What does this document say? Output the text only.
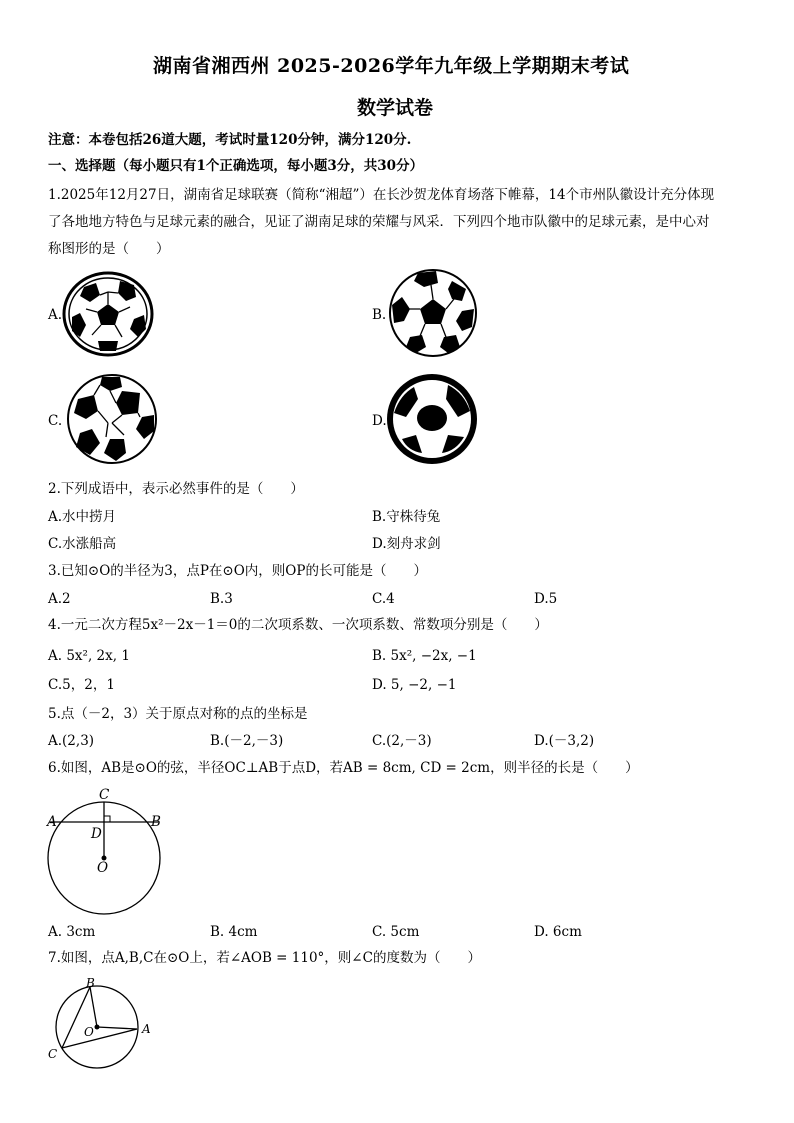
湖南省湘西州 2025-2026学年九年级上学期期末考试
数学试卷
注意：本卷包括26道大题，考试时量120分钟，满分120分.
一、选择题（每小题只有1个正确选项，每小题3分，共30分）
1.2025年12月27日，湖南省足球联赛（简称“湘超”）在长沙贺龙体育场落下帷幕，14个市州队徽设计充分体现
了各地地方特色与足球元素的融合，见证了湖南足球的荣耀与风采．下列四个地市队徽中的足球元素，是中心对
称图形的是（　　）
A.	B.
C.	D.
2.下列成语中，表示必然事件的是（　　）
A.水中捞月	B.守株待兔
C.水涨船高	D.刻舟求剑
3.已知⊙O的半径为3，点P在⊙O内，则OP的长可能是（　　）
A.2	B.3	C.4	D.5
4.一元二次方程5x²－2x－1＝0的二次项系数、一次项系数、常数项分别是（　　）
A. 5x², 2x, 1	B. 5x², −2x, −1
C.5，2，1	D. 5, −2, −1
5.点（－2，3）关于原点对称的点的坐标是
A.(2,3)	B.(－2,－3)	C.(2,－3)	D.(－3,2)
6.如图，AB是⊙O的弦，半径OC⊥AB于点D，若AB = 8cm, CD = 2cm，则半径的长是（　　）
C
A	B
D
O
A. 3cm	B. 4cm	C. 5cm	D. 6cm
7.如图，点A,B,C在⊙O上，若∠AOB = 110°，则∠C的度数为（　　）
B
A
O
C
